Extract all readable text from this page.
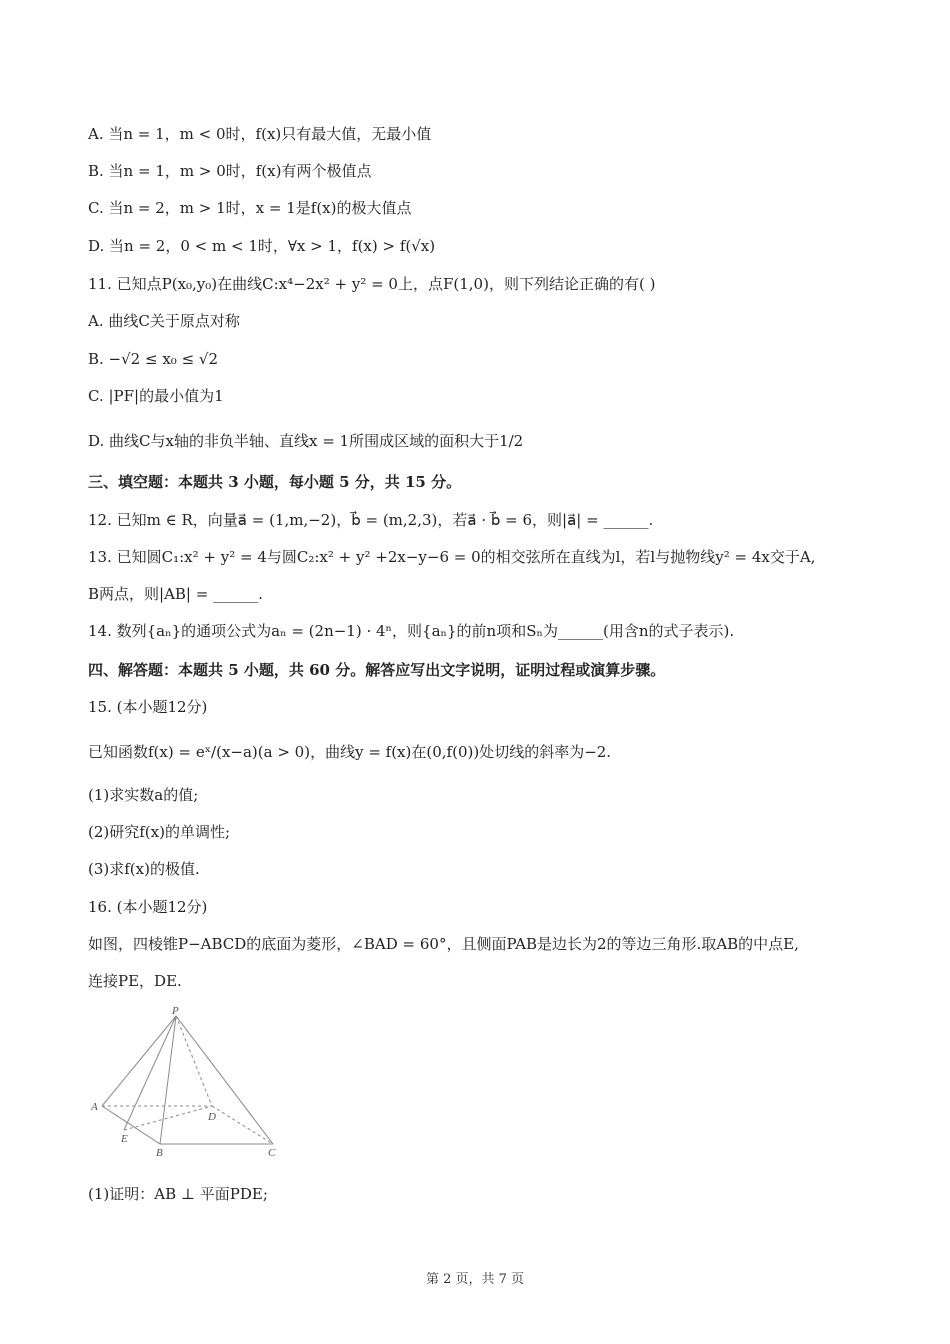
A. 当n = 1，m < 0时，f(x)只有最大值，无最小值
B. 当n = 1，m > 0时，f(x)有两个极值点
C. 当n = 2，m > 1时，x = 1是f(x)的极大值点
D. 当n = 2，0 < m < 1时，∀x > 1，f(x) > f(√x)
11. 已知点P(x₀,y₀)在曲线C:x⁴−2x² + y² = 0上，点F(1,0)，则下列结论正确的有( )
A. 曲线C关于原点对称
B. −√2 ≤ x₀ ≤ √2
C. |PF|的最小值为1
D. 曲线C与x轴的非负半轴、直线x = 1所围成区域的面积大于1/2
三、填空题：本题共 3 小题，每小题 5 分，共 15 分。
12. 已知m ∈ R，向量a⃗ = (1,m,−2)，b⃗ = (m,2,3)，若a⃗ · b⃗ = 6，则|a⃗| = ______.
13. 已知圆C₁:x² + y² = 4与圆C₂:x² + y² +2x−y−6 = 0的相交弦所在直线为l，若l与抛物线y² = 4x交于A,
B两点，则|AB| = ______.
14. 数列{aₙ}的通项公式为aₙ = (2n−1) · 4ⁿ，则{aₙ}的前n项和Sₙ为______(用含n的式子表示).
四、解答题：本题共 5 小题，共 60 分。解答应写出文字说明，证明过程或演算步骤。
15. (本小题12分)
已知函数f(x) = eˣ/(x−a)(a > 0)，曲线y = f(x)在(0,f(0))处切线的斜率为−2.
(1)求实数a的值;
(2)研究f(x)的单调性;
(3)求f(x)的极值.
16. (本小题12分)
如图，四棱锥P−ABCD的底面为菱形，∠BAD = 60°，且侧面PAB是边长为2的等边三角形.取AB的中点E,
连接PE，DE.
P
A
E
B	C
D
(1)证明：AB ⊥ 平面PDE;
第 2 页，共 7 页
